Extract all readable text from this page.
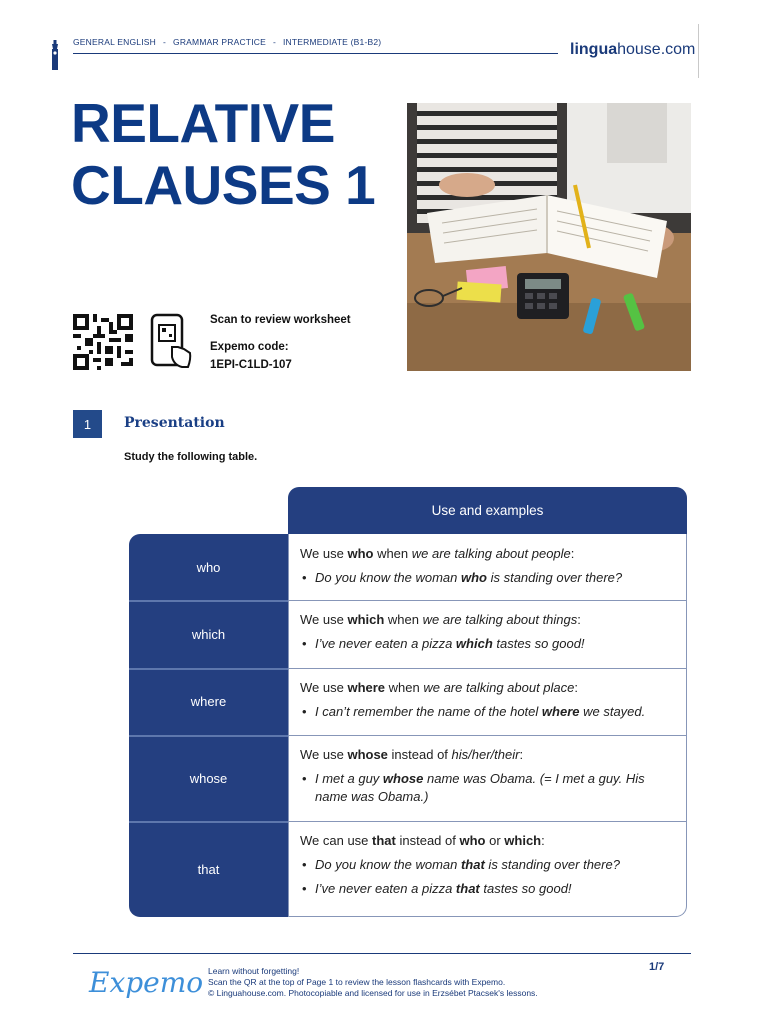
GENERAL ENGLISH - GRAMMAR PRACTICE - INTERMEDIATE (B1-B2)	linguahouse.com
RELATIVE
CLAUSES 1
Scan to review worksheet
Expemo code:
1EPI-C1LD-107
1	Presentation
Study the following table.
Use and examples
who
We use who when we are talking about people:
• Do you know the woman who is standing over there?
which
We use which when we are talking about things:
• I’ve never eaten a pizza which tastes so good!
where
We use where when we are talking about place:
• I can’t remember the name of the hotel where we stayed.
whose
We use whose instead of his/her/their:
• I met a guy whose name was Obama. (= I met a guy. His name was Obama.)
that
We can use that instead of who or which:
• Do you know the woman that is standing over there?
• I’ve never eaten a pizza that tastes so good!
Expemo Learn without forgetting!
Scan the QR at the top of Page 1 to review the lesson flashcards with Expemo.
© Linguahouse.com. Photocopiable and licensed for use in Erzsébet Ptacsek's lessons.
1/7
